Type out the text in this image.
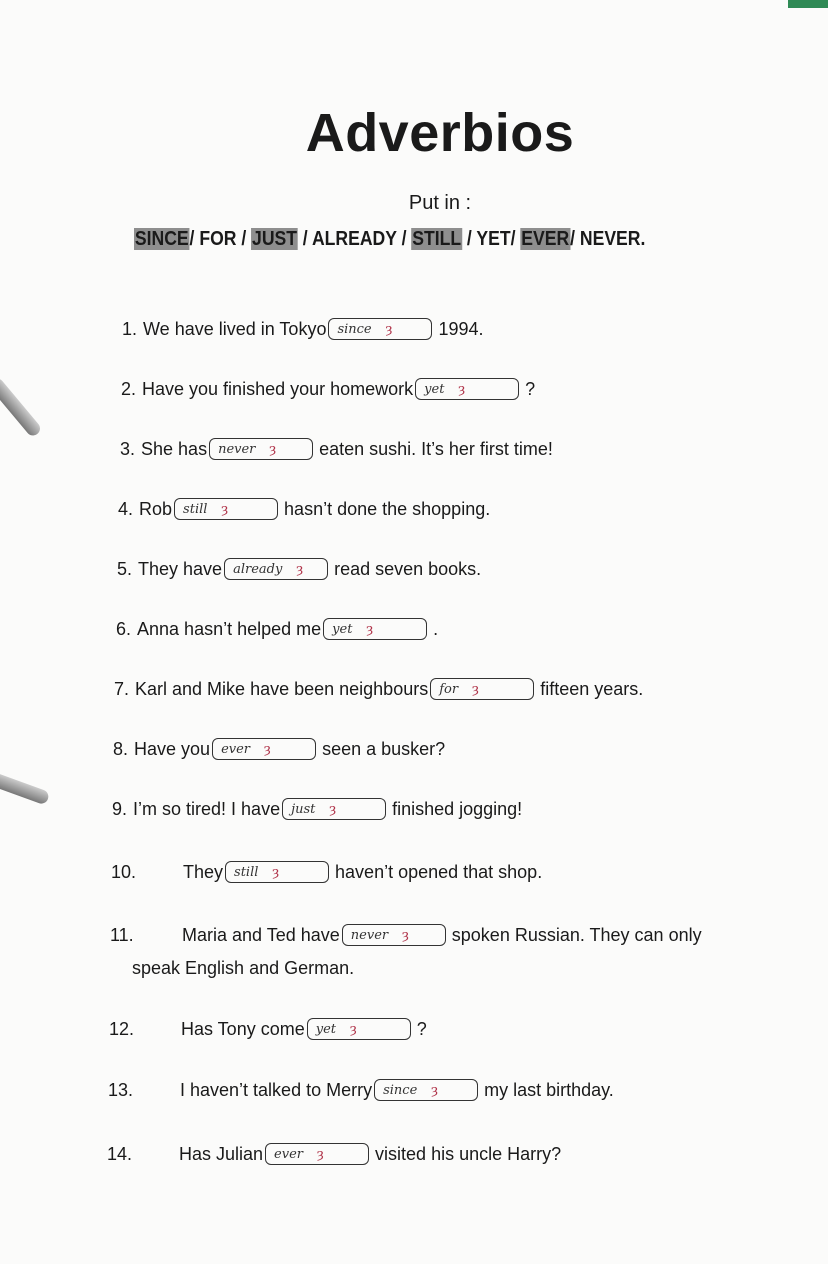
Adverbios
Put in :
SINCE/ FOR / JUST / ALREADY / STILL / YET/ EVER/ NEVER.
1. We have lived in Tokyo since ȝ	1994.
2. Have you finished your homework yet ȝ	?
3. She has never ȝ eaten sushi. It’s her first time!
4. Rob still ȝ	hasn’t done the shopping.
5. They have already ȝ read seven books.
6. Anna hasn’t helped me yet ȝ	.
7. Karl and Mike have been neighbours for ȝ	fifteen years.
8. Have you ever ȝ	seen a busker?
9. I’m so tired! I have just ȝ	finished jogging!
10.	They still ȝ	haven’t opened that shop.
11.	Maria and Ted have never ȝ spoken Russian. They can only
speak English and German.
12.	Has Tony come yet ȝ	?
13.	I haven’t talked to Merry since ȝ	my last birthday.
14.	Has Julian ever ȝ	visited his uncle Harry?
